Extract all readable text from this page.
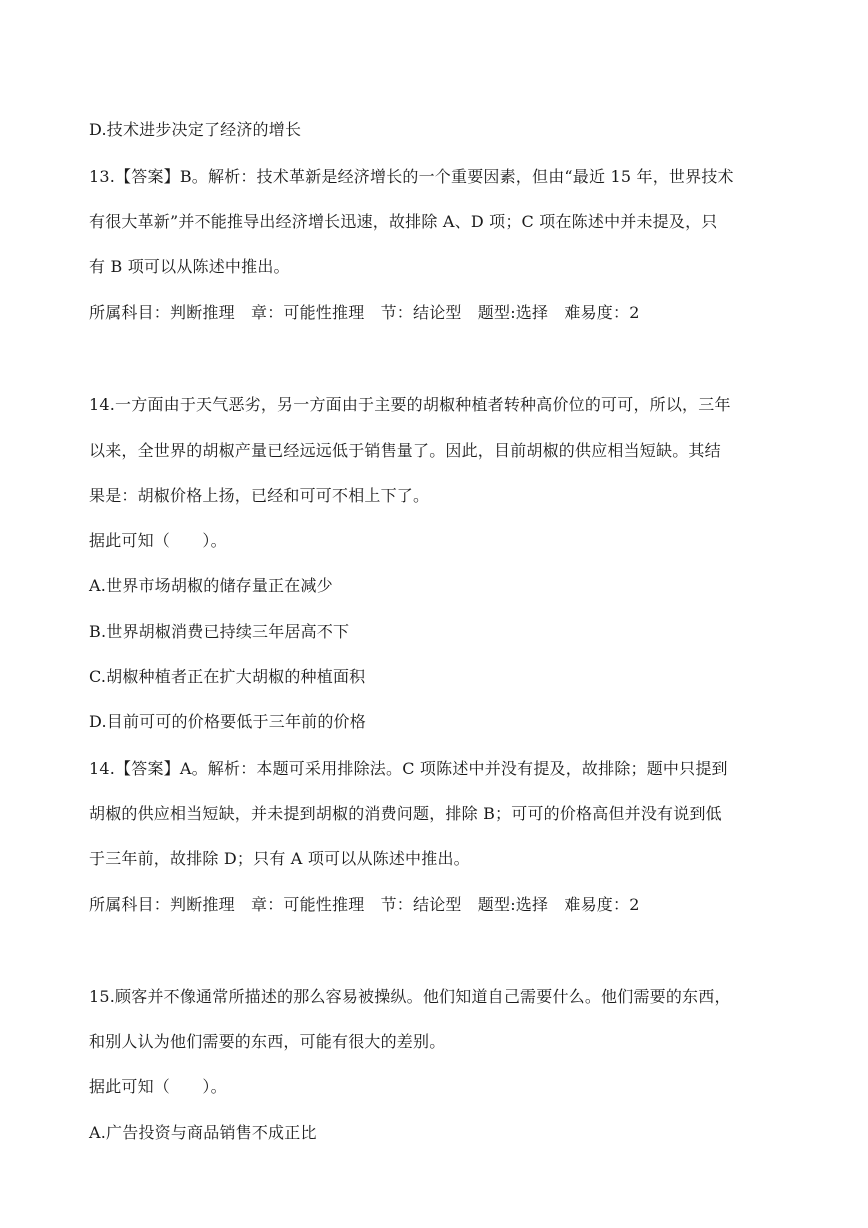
D.技术进步决定了经济的增长
13.【答案】B。解析：技术革新是经济增长的一个重要因素，但由“最近 15 年，世界技术
有很大革新”并不能推导出经济增长迅速，故排除 A、D 项；C 项在陈述中并未提及，只
有 B 项可以从陈述中推出。
所属科目：判断推理　章：可能性推理　节：结论型　题型:选择　难易度：2
14.一方面由于天气恶劣，另一方面由于主要的胡椒种植者转种高价位的可可，所以，三年
以来，全世界的胡椒产量已经远远低于销售量了。因此，目前胡椒的供应相当短缺。其结
果是：胡椒价格上扬，已经和可可不相上下了。
据此可知（　　）。
A.世界市场胡椒的储存量正在减少
B.世界胡椒消费已持续三年居高不下
C.胡椒种植者正在扩大胡椒的种植面积
D.目前可可的价格要低于三年前的价格
14.【答案】A。解析：本题可采用排除法。C 项陈述中并没有提及，故排除；题中只提到
胡椒的供应相当短缺，并未提到胡椒的消费问题，排除 B；可可的价格高但并没有说到低
于三年前，故排除 D；只有 A 项可以从陈述中推出。
所属科目：判断推理　章：可能性推理　节：结论型　题型:选择　难易度：2
15.顾客并不像通常所描述的那么容易被操纵。他们知道自己需要什么。他们需要的东西，
和别人认为他们需要的东西，可能有很大的差别。
据此可知（　　）。
A.广告投资与商品销售不成正比
